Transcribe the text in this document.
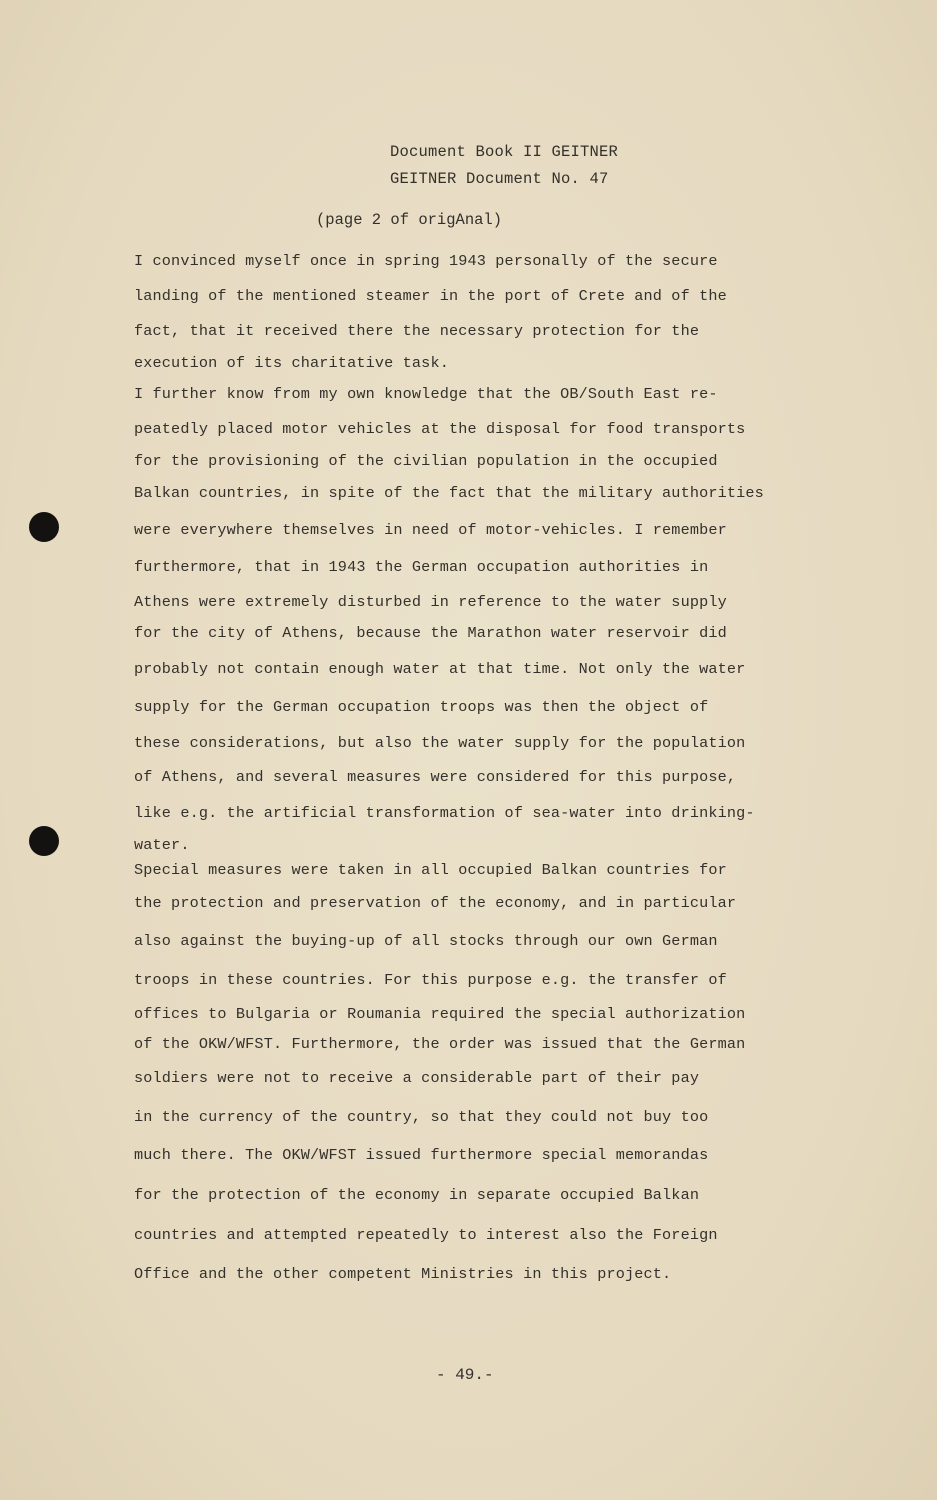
Document Book II GEITNER
GEITNER Document No. 47
(page 2 of origAnal)
I convinced myself once in spring 1943 personally of the secure
landing of the mentioned steamer in the port of Crete and of the
fact, that it received there the necessary protection for the
execution of its charitative task.
I further know from my own knowledge that the OB/South East re-
peatedly placed motor vehicles at the disposal for food transports
for the provisioning of the civilian population in the occupied
Balkan countries, in spite of the fact that the military authorities
were everywhere themselves in need of motor-vehicles. I remember
furthermore, that in 1943 the German occupation authorities in
Athens were extremely disturbed in reference to the water supply
for the city of Athens, because the Marathon water reservoir did
probably not contain enough water at that time. Not only the water
supply for the German occupation troops was then the object of
these considerations, but also the water supply for the population
of Athens, and several measures were considered for this purpose,
like e.g. the artificial transformation of sea-water into drinking-
water.
Special measures were taken in all occupied Balkan countries for
the protection and preservation of the economy, and in particular
also against the buying-up of all stocks through our own German
troops in these countries. For this purpose e.g. the transfer of
offices to Bulgaria or Roumania required the special authorization
of the OKW/WFST. Furthermore, the order was issued that the German
soldiers were not to receive a considerable part of their pay
in the currency of the country, so that they could not buy too
much there. The OKW/WFST issued furthermore special memorandas
for the protection of the economy in separate occupied Balkan
countries and attempted repeatedly to interest also the Foreign
Office and the other competent Ministries in this project.
- 49.-
